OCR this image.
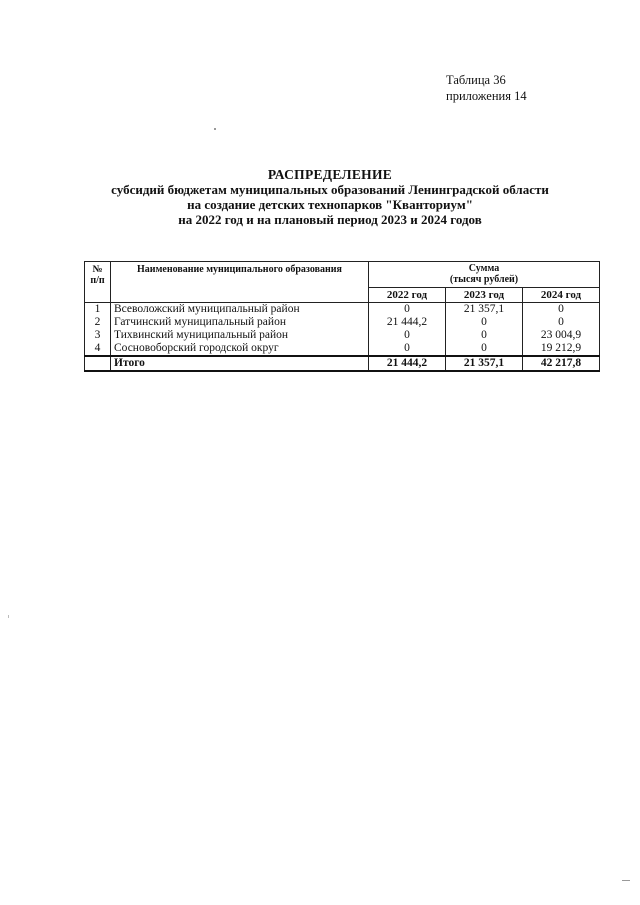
Таблица 36
приложения 14
РАСПРЕДЕЛЕНИЕ
субсидий бюджетам муниципальных образований Ленинградской области
на создание детских технопарков "Кванториум"
на 2022 год и на плановый период 2023 и 2024 годов
№ п/п	Наименование муниципального образования	Сумма
(тысяч рублей)		

		2022 год	2023 год	2024 год
1	Всеволожский муниципальный район	0	21 357,1	0
2	Гатчинский муниципальный район	21 444,2	0	0
3	Тихвинский муниципальный район	0	0	23 004,9
4	Сосновоборский городской округ	0	0	19 212,9
	Итого	21 444,2	21 357,1	42 217,8
